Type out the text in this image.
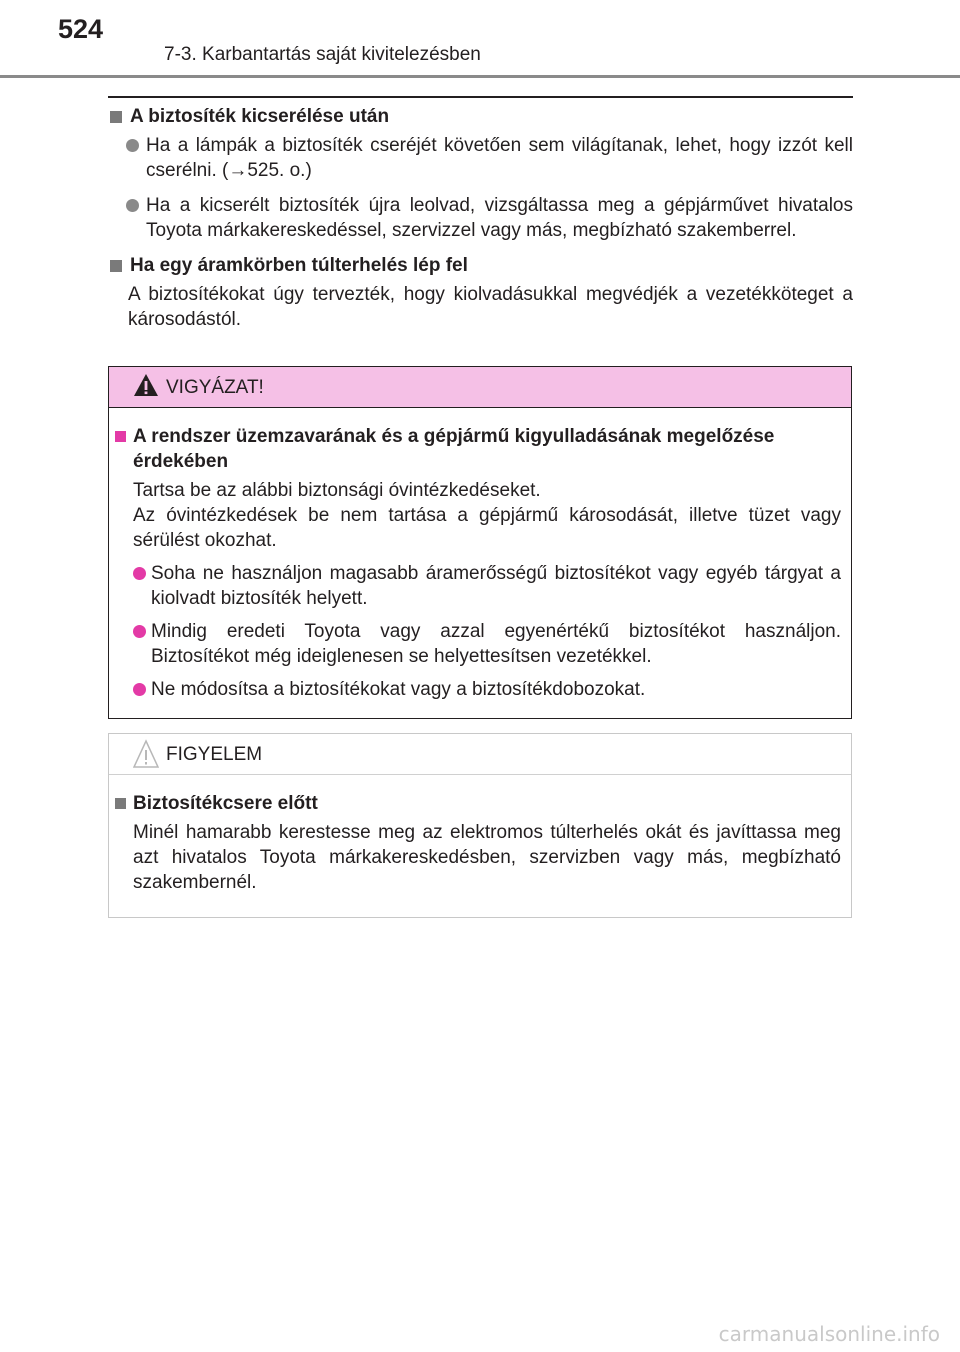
524
7-3. Karbantartás saját kivitelezésben
A biztosíték kicserélése után
Ha a lámpák a biztosíték cseréjét követően sem világítanak, lehet, hogy izzót kell cserélni. (→525. o.)
Ha a kicserélt biztosíték újra leolvad, vizsgáltassa meg a gépjárművet hivatalos Toyota márkakereskedéssel, szervizzel vagy más, megbízható szakemberrel.
Ha egy áramkörben túlterhelés lép fel
A biztosítékokat úgy tervezték, hogy kiolvadásukkal megvédjék a vezetékköteget a károsodástól.
VIGYÁZAT!
A rendszer üzemzavarának és a gépjármű kigyulladásának megelőzése érdekében
Tartsa be az alábbi biztonsági óvintézkedéseket.
Az óvintézkedések be nem tartása a gépjármű károsodását, illetve tüzet vagy sérülést okozhat.
Soha ne használjon magasabb áramerősségű biztosítékot vagy egyéb tárgyat a kiolvadt biztosíték helyett.
Mindig eredeti Toyota vagy azzal egyenértékű biztosítékot használjon. Biztosítékot még ideiglenesen se helyettesítsen vezetékkel.
Ne módosítsa a biztosítékokat vagy a biztosítékdobozokat.
FIGYELEM
Biztosítékcsere előtt
Minél hamarabb kerestesse meg az elektromos túlterhelés okát és javíttassa meg azt hivatalos Toyota márkakereskedésben, szervizben vagy más, megbízható szakembernél.
carmanualsonline.info
